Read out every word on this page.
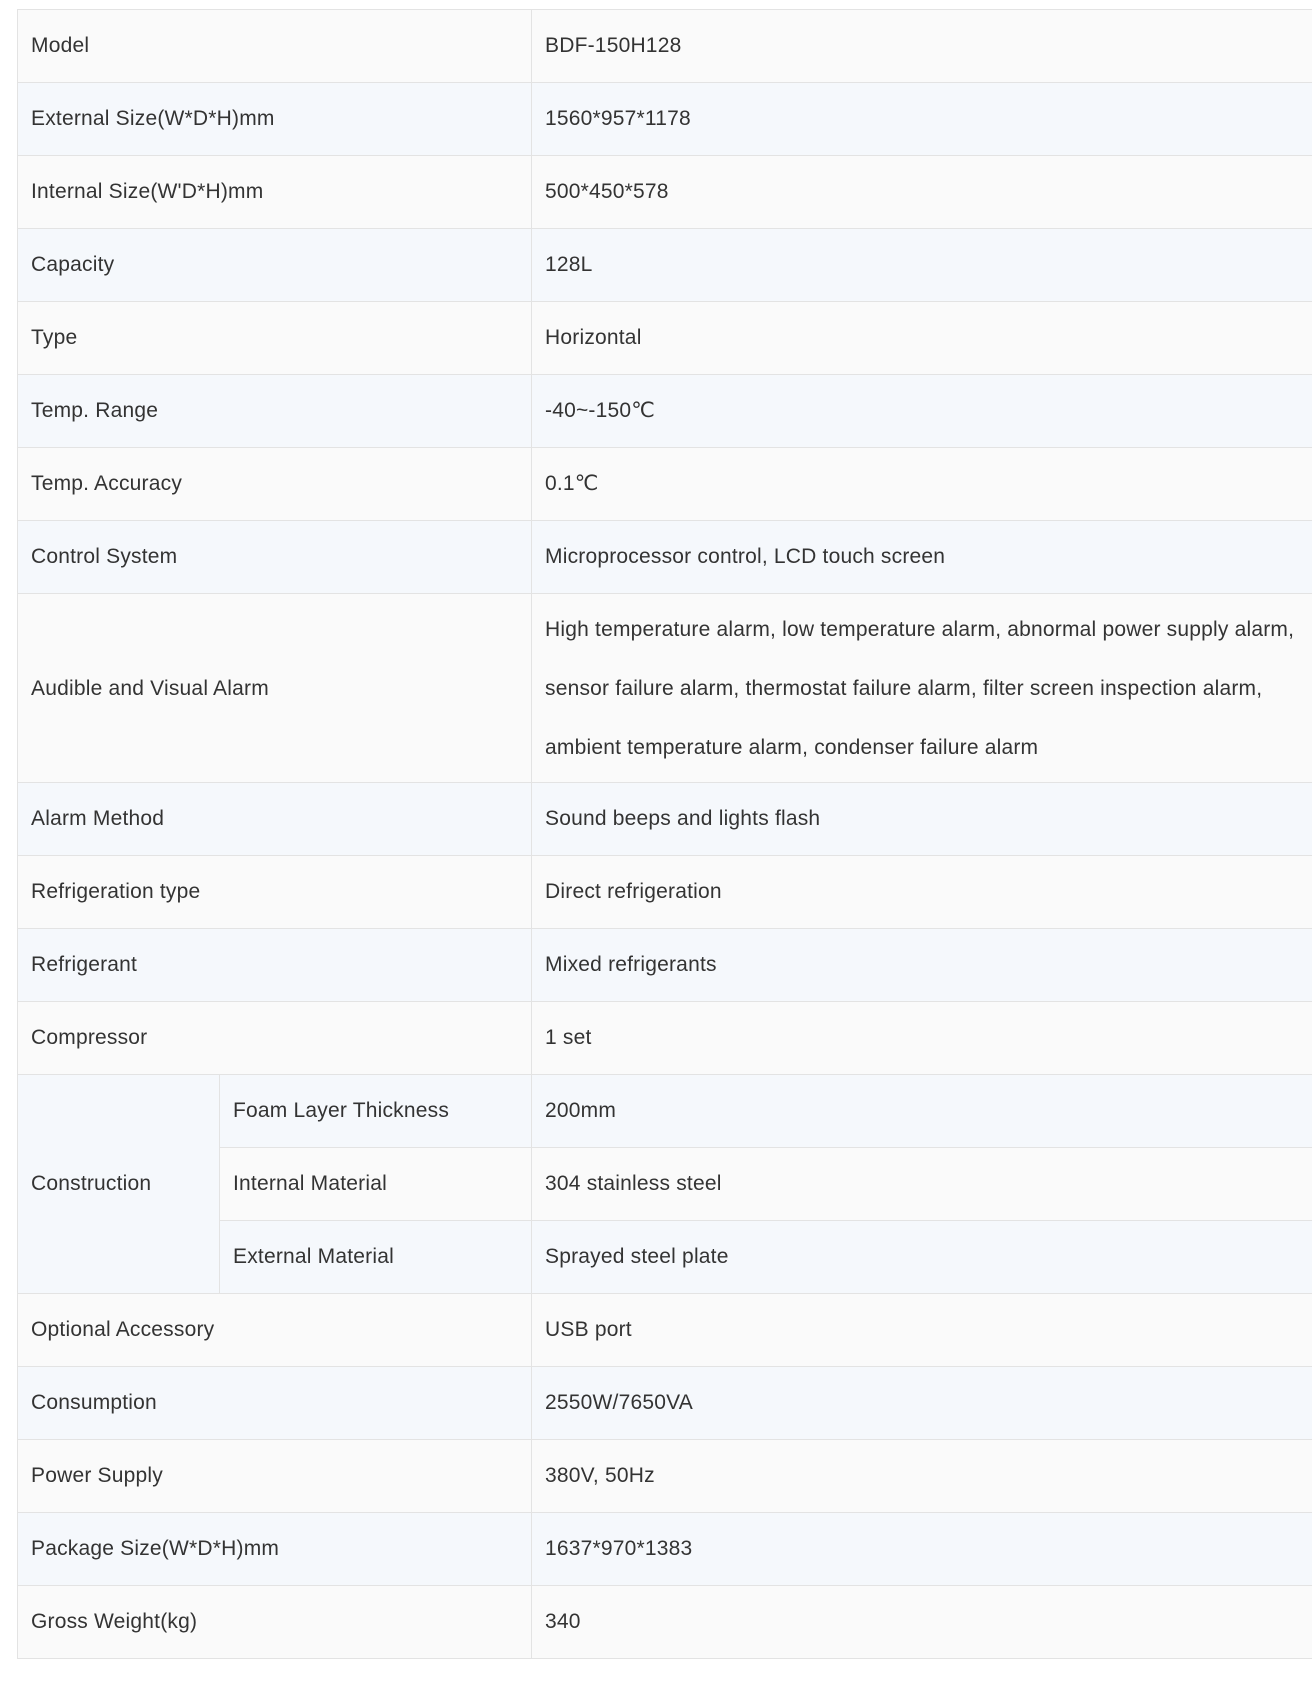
Model		BDF-150H128
External Size(W*D*H)mm		1560*957*1178
Internal Size(W'D*H)mm		500*450*578
Capacity		128L
Type		Horizontal
Temp. Range		-40~-150℃
Temp. Accuracy		0.1℃
Control System		Microprocessor control, LCD touch screen
Audible and Visual Alarm		High temperature alarm, low temperature alarm, abnormal power supply alarm, sensor failure alarm, thermostat failure alarm, filter screen inspection alarm, ambient temperature alarm, condenser failure alarm
Alarm Method		Sound beeps and lights flash
Refrigeration type		Direct refrigeration
Refrigerant		Mixed refrigerants
Compressor		1 set
Construction	Foam Layer Thickness	200mm
	Internal Material	304 stainless steel
	External Material	Sprayed steel plate
Optional Accessory		USB port
Consumption		2550W/7650VA
Power Supply		380V, 50Hz
Package Size(W*D*H)mm		1637*970*1383
Gross Weight(kg)		340
